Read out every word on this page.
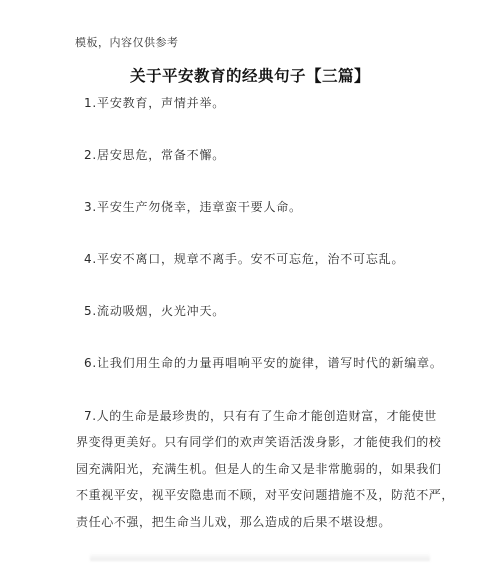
模板，内容仅供参考
关于平安教育的经典句子【三篇】
1.平安教育，声情并举。
2.居安思危，常备不懈。
3.平安生产勿侥幸，违章蛮干要人命。
4.平安不离口，规章不离手。安不可忘危，治不可忘乱。
5.流动吸烟，火光冲天。
6.让我们用生命的力量再唱响平安的旋律，谱写时代的新编章。
7.人的生命是最珍贵的，只有有了生命才能创造财富，才能使世
界变得更美好。只有同学们的欢声笑语活泼身影，才能使我们的校
园充满阳光，充满生机。但是人的生命又是非常脆弱的，如果我们
不重视平安，视平安隐患而不顾，对平安问题措施不及，防范不严，
责任心不强，把生命当儿戏，那么造成的后果不堪设想。
